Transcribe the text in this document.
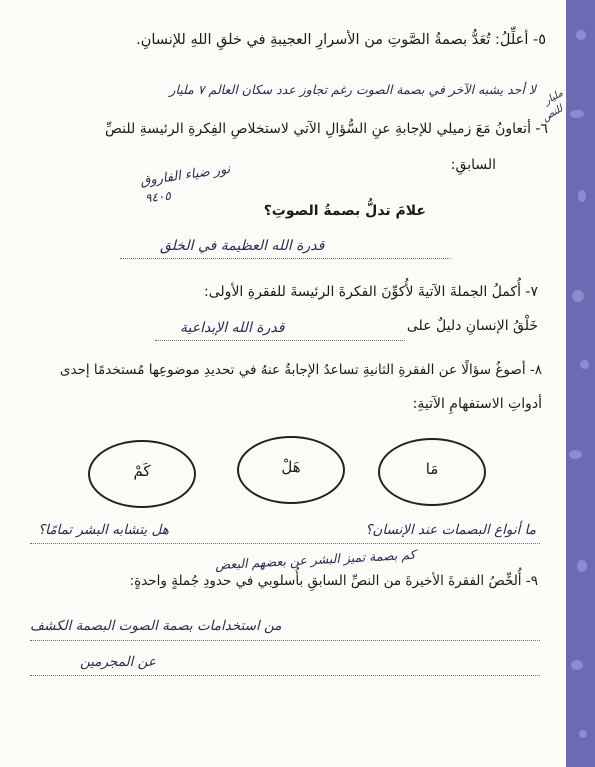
٥- أعلِّلُ: تُعَدُّ بصمةُ الصَّوتِ من الأسرارِ العجيبةِ في خلقِ اللهِ للإنسانِ.
لا أحد يشبه الآخر في بصمة الصوت رغم تجاوز عدد سكان العالم ٧ مليار مليار
٦- أتعاونُ مَعَ زميلي للإجابةِ عنِ السُّؤالِ الآتي لاستخلاصِ الفِكرةِ الرئيسةِ للنصِّ
للنص
السابقِ:
نور ضياء الفاروق
٩٤٠٥
علامَ تدلُّ بصمةُ الصوتِ؟
قدرة الله العظيمة في الخلق
٧- أُكملُ الجملةَ الآتيةَ لأُكوِّنَ الفكرةَ الرئيسةَ للفقرةِ الأولى:
خَلْقُ الإنسانِ دليلٌ على
قدرة الله الإبداعية
٨- أصوغُ سؤالًا عن الفقرةِ الثانيةِ تساعدُ الإجابةُ عنهُ في تحديدِ موضوعِها مُستخدمًا إحدى
أدواتِ الاستفهامِ الآتيةِ:
مَا
هَلْ
كَمْ
ما أنواع البصمات عند الإنسان؟
هل يتشابه البشر تمامًا؟
كم بصمة تميز البشر عن بعضهم البعض
٩- أُلخِّصُ الفقرةَ الأخيرةَ من النصِّ السابقِ بأُسلوبي في حدودِ جُملةٍ واحدةٍ:
من استخدامات بصمة الصوت البصمة الكشف
عن المجرمين
